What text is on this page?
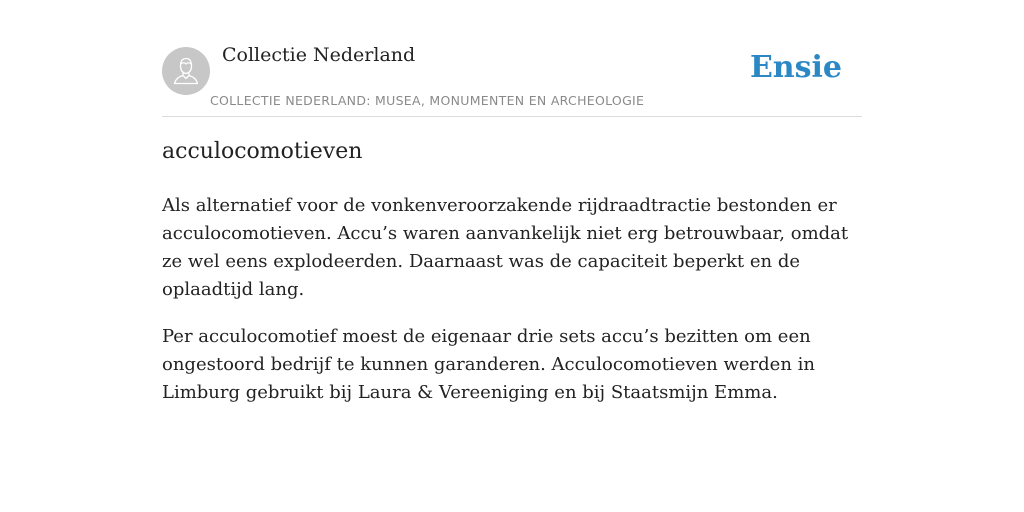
Collectie Nederland
COLLECTIE NEDERLAND: MUSEA, MONUMENTEN EN ARCHEOLOGIE
Ensie
acculocomotieven

Als alternatief voor de vonkenveroorzakende rijdraadtractie bestonden er acculocomotieven. Accu’s waren aanvankelijk niet erg betrouwbaar, omdat ze wel eens explodeerden. Daarnaast was de capaciteit beperkt en de oplaadtijd lang.

Per acculocomotief moest de eigenaar drie sets accu’s bezitten om een ongestoord bedrijf te kunnen garanderen. Acculocomotieven werden in Limburg gebruikt bij Laura & Vereeniging en bij Staatsmijn Emma.
